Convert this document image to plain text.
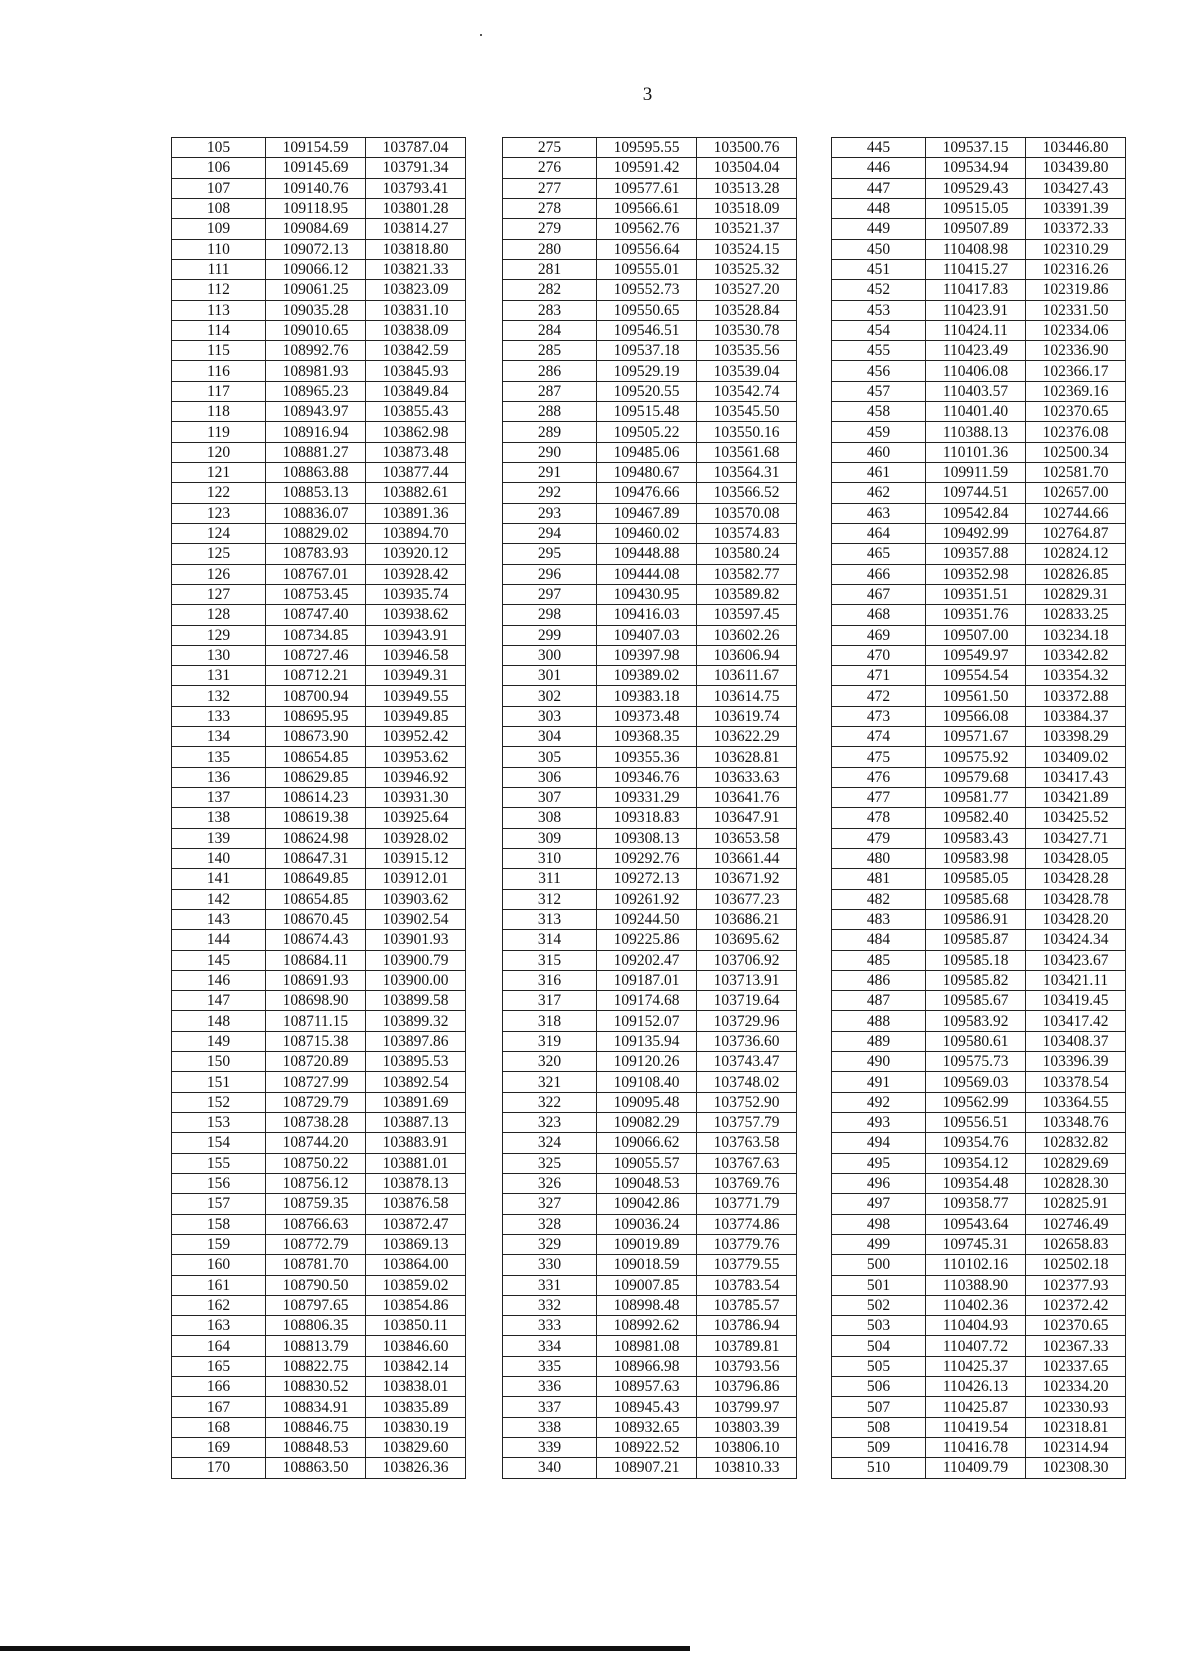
3
105	109154.59	103787.04
106	109145.69	103791.34
107	109140.76	103793.41
108	109118.95	103801.28
109	109084.69	103814.27
110	109072.13	103818.80
111	109066.12	103821.33
112	109061.25	103823.09
113	109035.28	103831.10
114	109010.65	103838.09
115	108992.76	103842.59
116	108981.93	103845.93
117	108965.23	103849.84
118	108943.97	103855.43
119	108916.94	103862.98
120	108881.27	103873.48
121	108863.88	103877.44
122	108853.13	103882.61
123	108836.07	103891.36
124	108829.02	103894.70
125	108783.93	103920.12
126	108767.01	103928.42
127	108753.45	103935.74
128	108747.40	103938.62
129	108734.85	103943.91
130	108727.46	103946.58
131	108712.21	103949.31
132	108700.94	103949.55
133	108695.95	103949.85
134	108673.90	103952.42
135	108654.85	103953.62
136	108629.85	103946.92
137	108614.23	103931.30
138	108619.38	103925.64
139	108624.98	103928.02
140	108647.31	103915.12
141	108649.85	103912.01
142	108654.85	103903.62
143	108670.45	103902.54
144	108674.43	103901.93
145	108684.11	103900.79
146	108691.93	103900.00
147	108698.90	103899.58
148	108711.15	103899.32
149	108715.38	103897.86
150	108720.89	103895.53
151	108727.99	103892.54
152	108729.79	103891.69
153	108738.28	103887.13
154	108744.20	103883.91
155	108750.22	103881.01
156	108756.12	103878.13
157	108759.35	103876.58
158	108766.63	103872.47
159	108772.79	103869.13
160	108781.70	103864.00
161	108790.50	103859.02
162	108797.65	103854.86
163	108806.35	103850.11
164	108813.79	103846.60
165	108822.75	103842.14
166	108830.52	103838.01
167	108834.91	103835.89
168	108846.75	103830.19
169	108848.53	103829.60
170	108863.50	103826.36
275	109595.55	103500.76
276	109591.42	103504.04
277	109577.61	103513.28
278	109566.61	103518.09
279	109562.76	103521.37
280	109556.64	103524.15
281	109555.01	103525.32
282	109552.73	103527.20
283	109550.65	103528.84
284	109546.51	103530.78
285	109537.18	103535.56
286	109529.19	103539.04
287	109520.55	103542.74
288	109515.48	103545.50
289	109505.22	103550.16
290	109485.06	103561.68
291	109480.67	103564.31
292	109476.66	103566.52
293	109467.89	103570.08
294	109460.02	103574.83
295	109448.88	103580.24
296	109444.08	103582.77
297	109430.95	103589.82
298	109416.03	103597.45
299	109407.03	103602.26
300	109397.98	103606.94
301	109389.02	103611.67
302	109383.18	103614.75
303	109373.48	103619.74
304	109368.35	103622.29
305	109355.36	103628.81
306	109346.76	103633.63
307	109331.29	103641.76
308	109318.83	103647.91
309	109308.13	103653.58
310	109292.76	103661.44
311	109272.13	103671.92
312	109261.92	103677.23
313	109244.50	103686.21
314	109225.86	103695.62
315	109202.47	103706.92
316	109187.01	103713.91
317	109174.68	103719.64
318	109152.07	103729.96
319	109135.94	103736.60
320	109120.26	103743.47
321	109108.40	103748.02
322	109095.48	103752.90
323	109082.29	103757.79
324	109066.62	103763.58
325	109055.57	103767.63
326	109048.53	103769.76
327	109042.86	103771.79
328	109036.24	103774.86
329	109019.89	103779.76
330	109018.59	103779.55
331	109007.85	103783.54
332	108998.48	103785.57
333	108992.62	103786.94
334	108981.08	103789.81
335	108966.98	103793.56
336	108957.63	103796.86
337	108945.43	103799.97
338	108932.65	103803.39
339	108922.52	103806.10
340	108907.21	103810.33
445	109537.15	103446.80
446	109534.94	103439.80
447	109529.43	103427.43
448	109515.05	103391.39
449	109507.89	103372.33
450	110408.98	102310.29
451	110415.27	102316.26
452	110417.83	102319.86
453	110423.91	102331.50
454	110424.11	102334.06
455	110423.49	102336.90
456	110406.08	102366.17
457	110403.57	102369.16
458	110401.40	102370.65
459	110388.13	102376.08
460	110101.36	102500.34
461	109911.59	102581.70
462	109744.51	102657.00
463	109542.84	102744.66
464	109492.99	102764.87
465	109357.88	102824.12
466	109352.98	102826.85
467	109351.51	102829.31
468	109351.76	102833.25
469	109507.00	103234.18
470	109549.97	103342.82
471	109554.54	103354.32
472	109561.50	103372.88
473	109566.08	103384.37
474	109571.67	103398.29
475	109575.92	103409.02
476	109579.68	103417.43
477	109581.77	103421.89
478	109582.40	103425.52
479	109583.43	103427.71
480	109583.98	103428.05
481	109585.05	103428.28
482	109585.68	103428.78
483	109586.91	103428.20
484	109585.87	103424.34
485	109585.18	103423.67
486	109585.82	103421.11
487	109585.67	103419.45
488	109583.92	103417.42
489	109580.61	103408.37
490	109575.73	103396.39
491	109569.03	103378.54
492	109562.99	103364.55
493	109556.51	103348.76
494	109354.76	102832.82
495	109354.12	102829.69
496	109354.48	102828.30
497	109358.77	102825.91
498	109543.64	102746.49
499	109745.31	102658.83
500	110102.16	102502.18
501	110388.90	102377.93
502	110402.36	102372.42
503	110404.93	102370.65
504	110407.72	102367.33
505	110425.37	102337.65
506	110426.13	102334.20
507	110425.87	102330.93
508	110419.54	102318.81
509	110416.78	102314.94
510	110409.79	102308.30
